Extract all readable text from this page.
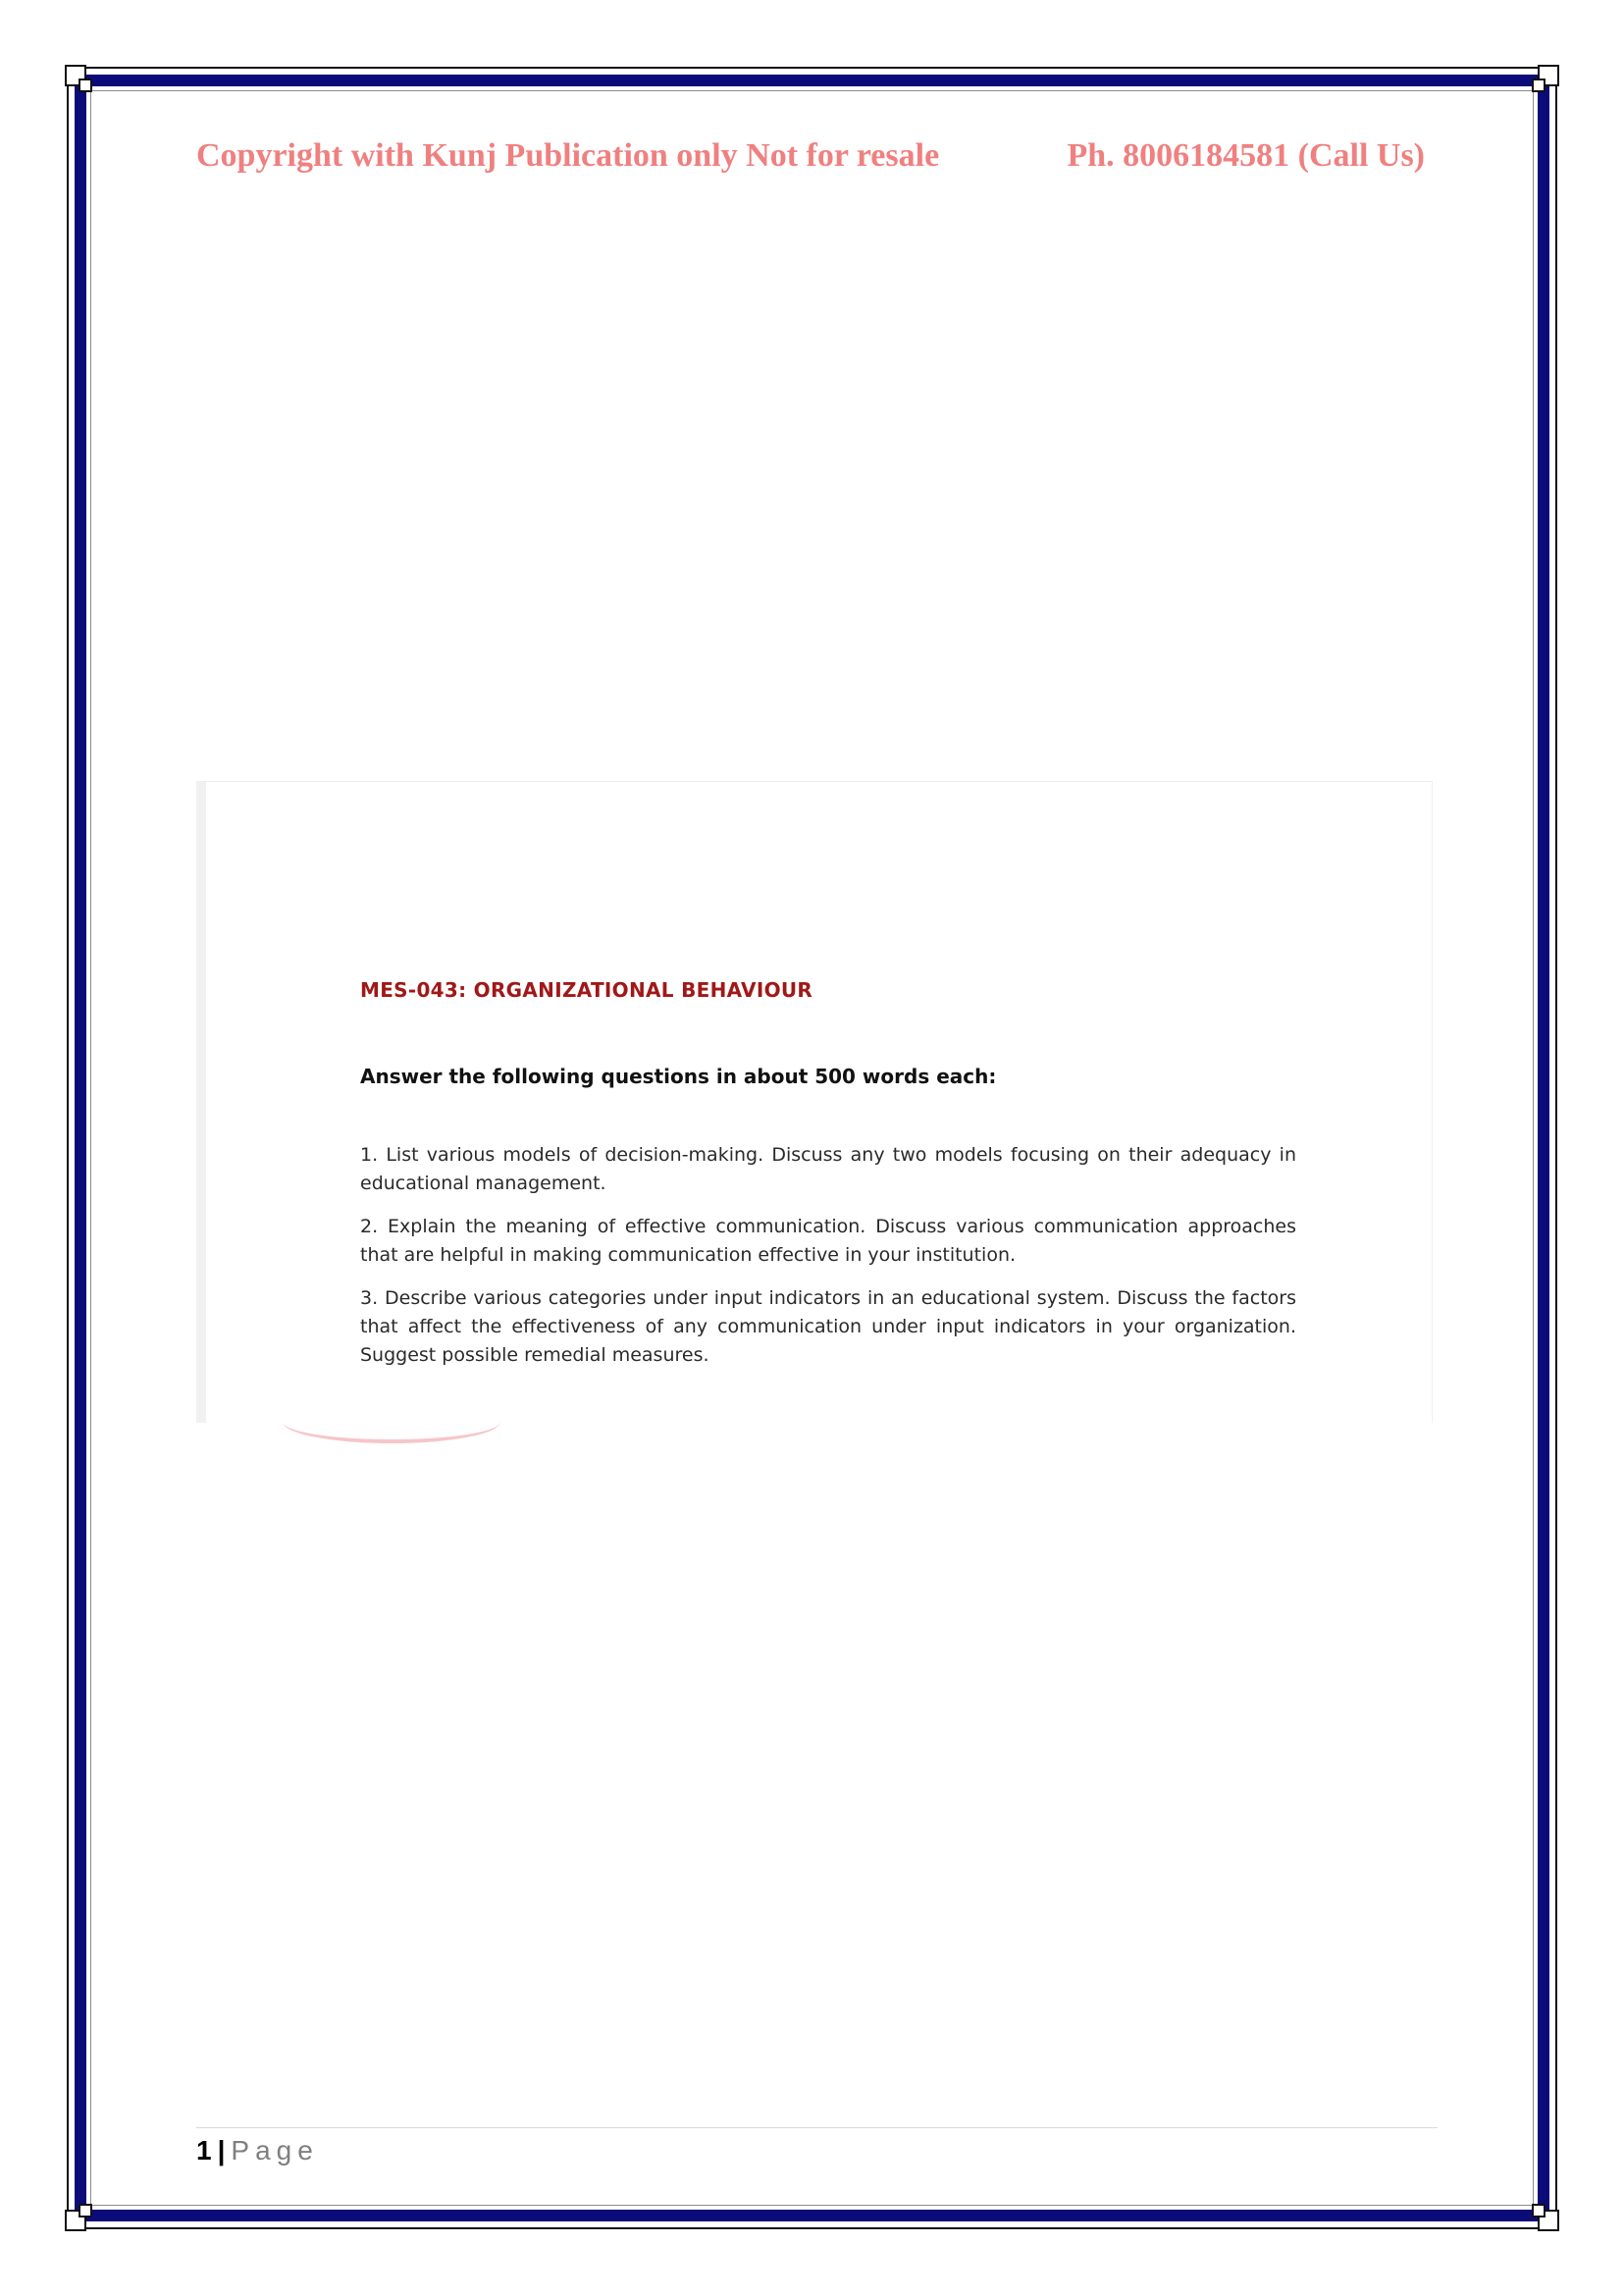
Copyright with Kunj Publication only Not for resale	Ph. 8006184581 (Call Us)

MES-043: ORGANIZATIONAL BEHAVIOUR

Answer the following questions in about 500 words each:

1. List various models of decision-making. Discuss any two models focusing on their adequacy in educational management.
2. Explain the meaning of effective communication. Discuss various communication approaches that are helpful in making communication effective in your institution.
3. Describe various categories under input indicators in an educational system. Discuss the factors that affect the effectiveness of any communication under input indicators in your organization. Suggest possible remedial measures.
1 | Page
